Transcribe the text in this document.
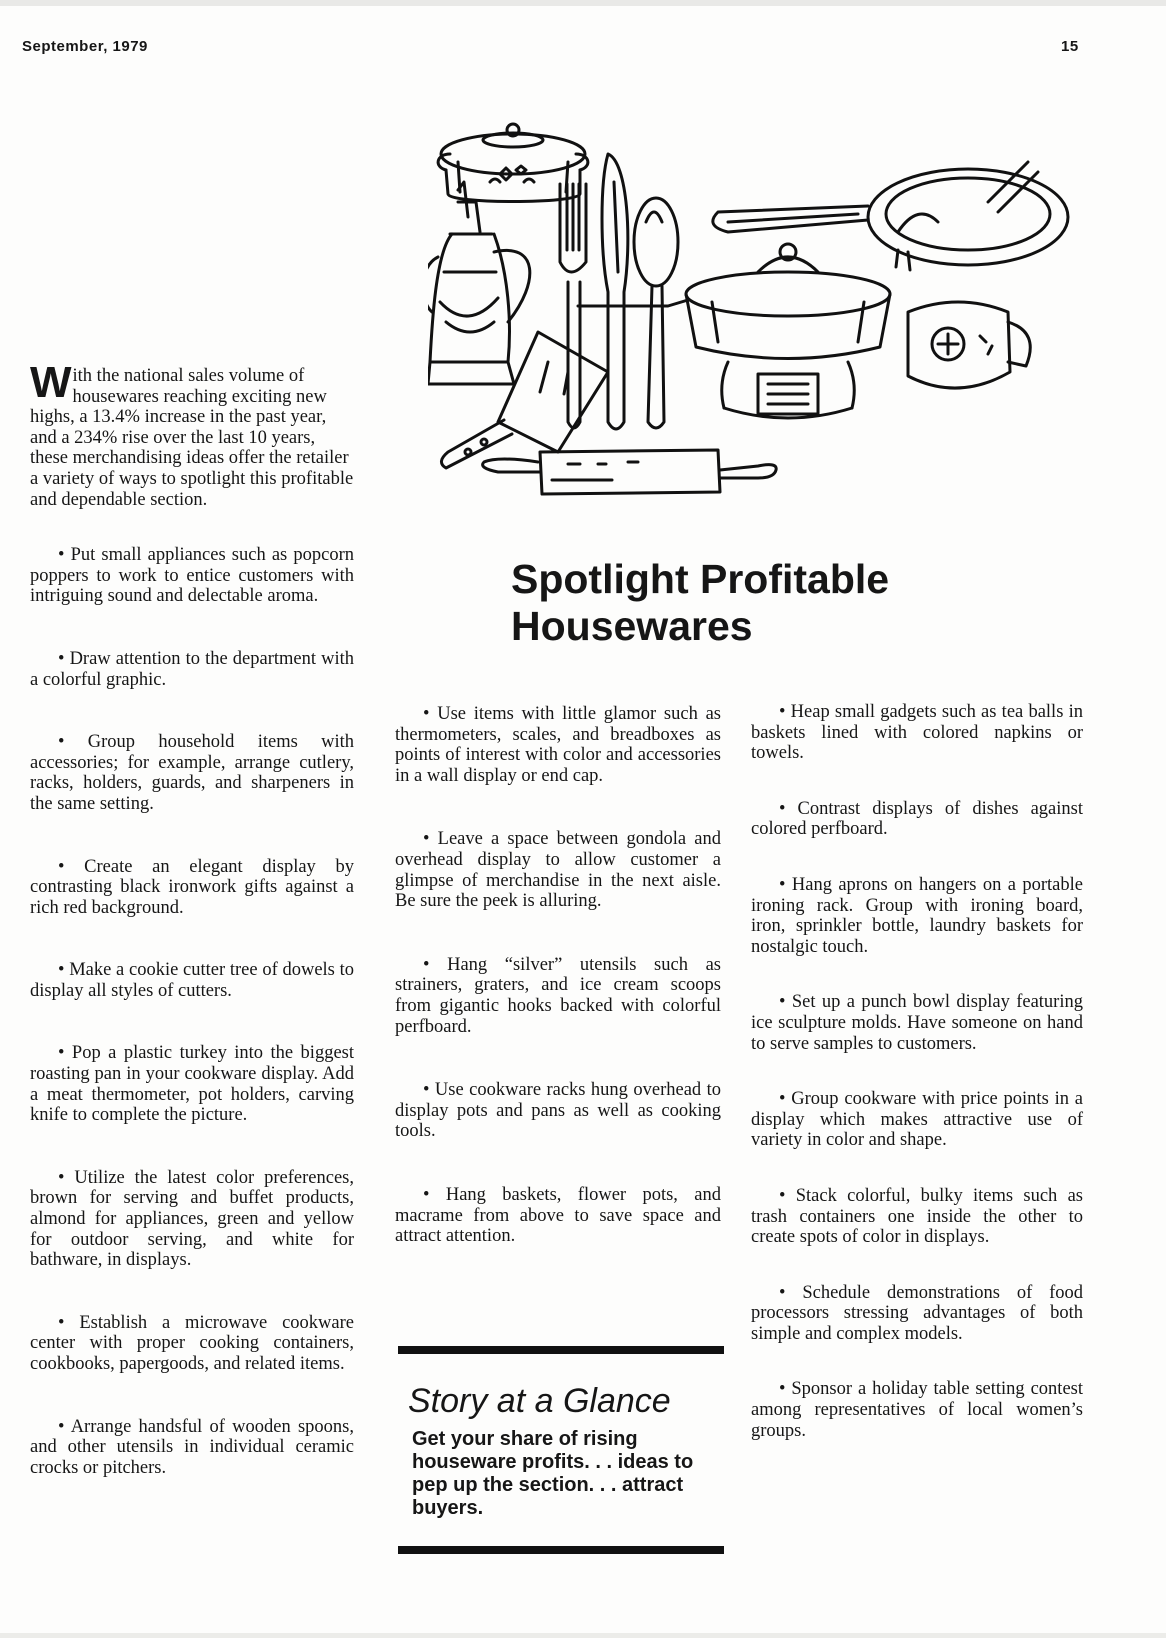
September, 1979	15
Spotlight Profitable
Housewares

With the national sales volume of housewares reaching exciting new highs, a 13.4% increase in the past year, and a 234% rise over the last 10 years, these merchandising ideas offer the retailer a variety of ways to spotlight this profitable and dependable section.

• Put small appliances such as popcorn poppers to work to entice customers with intriguing sound and delectable aroma.

• Draw attention to the department with a colorful graphic.

• Group household items with accessories; for example, arrange cutlery, racks, holders, guards, and sharpeners in the same setting.

• Create an elegant display by contrasting black ironwork gifts against a rich red background.

• Make a cookie cutter tree of dowels to display all styles of cutters.

• Pop a plastic turkey into the biggest roasting pan in your cookware display. Add a meat thermometer, pot holders, carving knife to complete the picture.

• Utilize the latest color preferences, brown for serving and buffet products, almond for appliances, green and yellow for outdoor serving, and white for bathware, in displays.

• Establish a microwave cookware center with proper cooking containers, cookbooks, papergoods, and related items.

• Arrange handsful of wooden spoons, and other utensils in individual ceramic crocks or pitchers.

• Use items with little glamor such as thermometers, scales, and breadboxes as points of interest with color and accessories in a wall display or end cap.

• Leave a space between gondola and overhead display to allow customer a glimpse of merchandise in the next aisle. Be sure the peek is alluring.

• Hang “silver” utensils such as strainers, graters, and ice cream scoops from gigantic hooks backed with colorful perfboard.

• Use cookware racks hung overhead to display pots and pans as well as cooking tools.

• Hang baskets, flower pots, and macrame from above to save space and attract attention.

Story at a Glance
Get your share of rising houseware profits. . . ideas to pep up the section. . . attract buyers.

• Heap small gadgets such as tea balls in baskets lined with colored napkins or towels.

• Contrast displays of dishes against colored perfboard.

• Hang aprons on hangers on a portable ironing rack. Group with ironing board, iron, sprinkler bottle, laundry baskets for nostalgic touch.

• Set up a punch bowl display featuring ice sculpture molds. Have someone on hand to serve samples to customers.

• Group cookware with price points in a display which makes attractive use of variety in color and shape.

• Stack colorful, bulky items such as trash containers one inside the other to create spots of color in displays.

• Schedule demonstrations of food processors stressing advantages of both simple and complex models.

• Sponsor a holiday table setting contest among representatives of local women’s groups.
